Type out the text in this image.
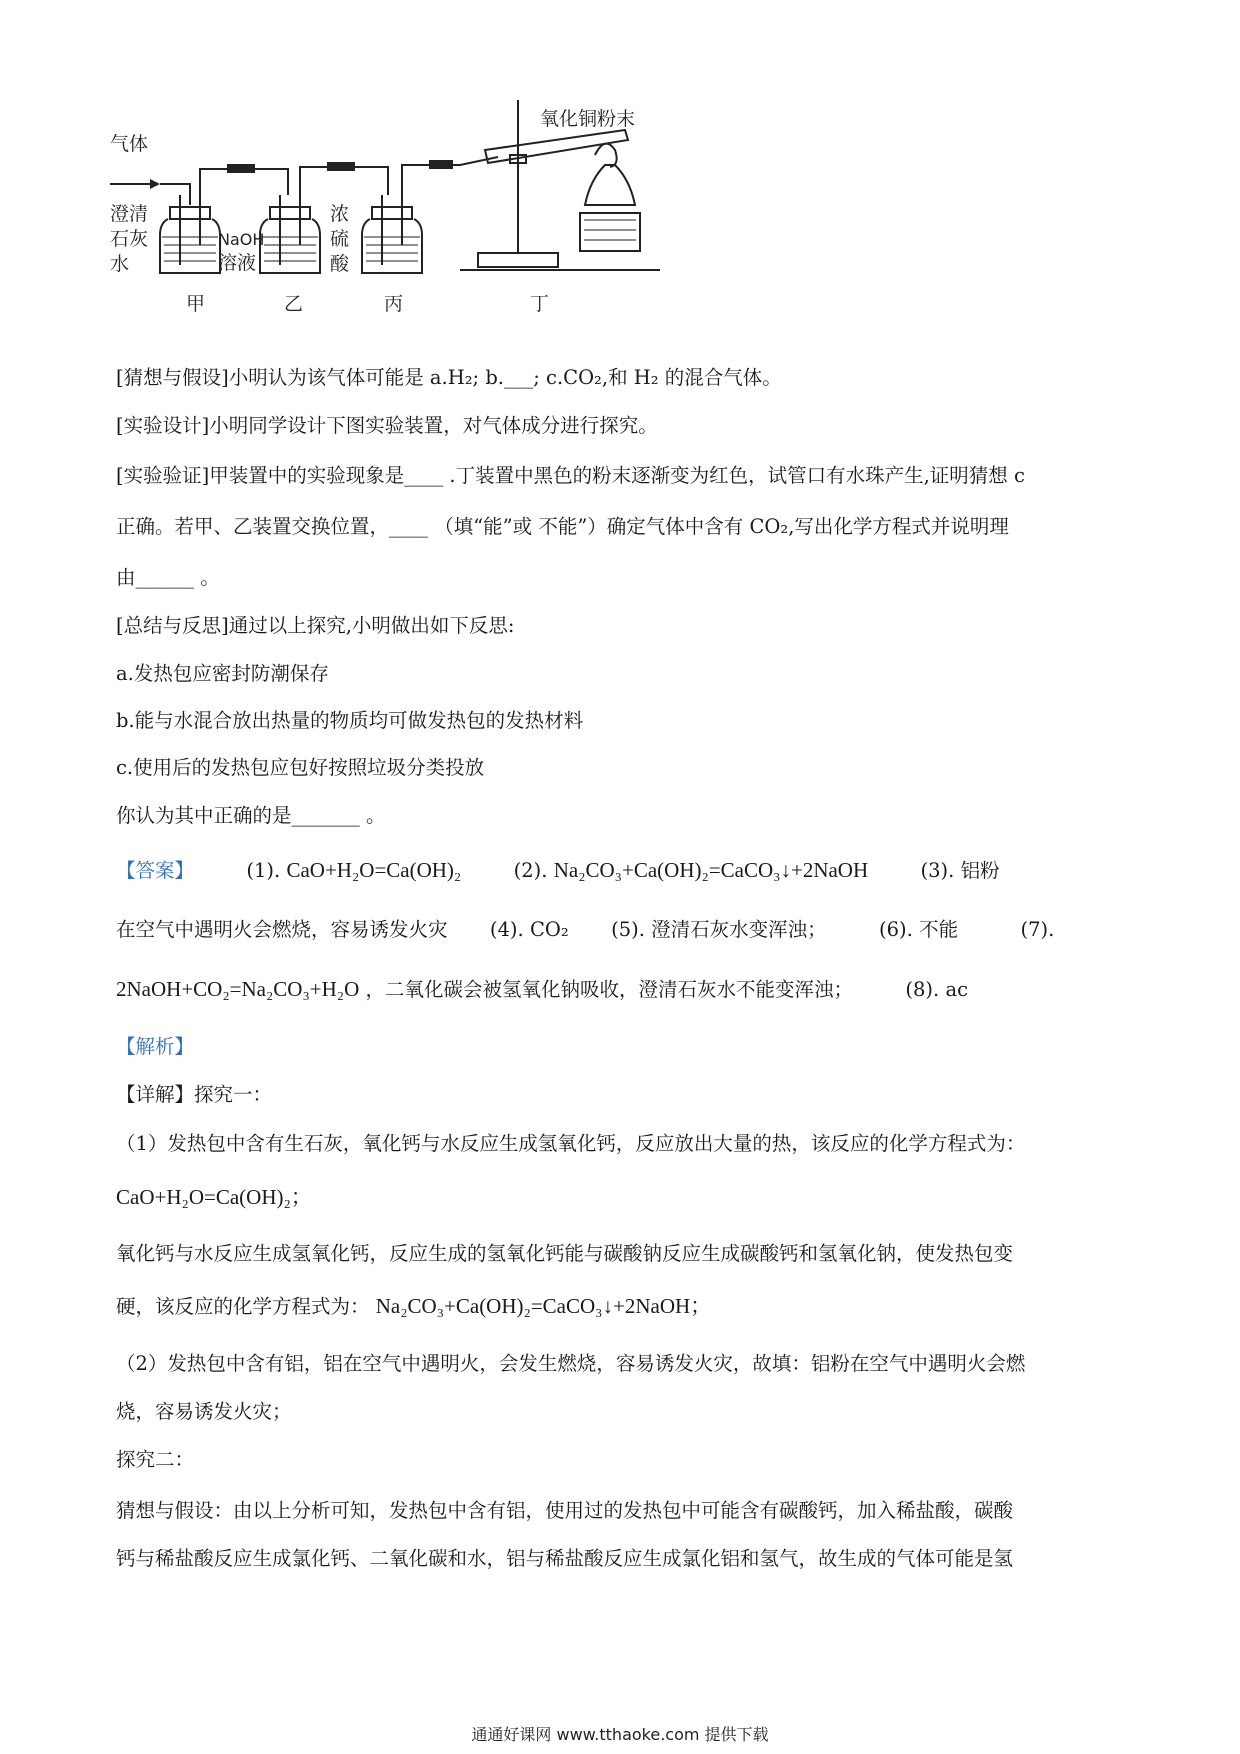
气体
氧化铜粉末
NaOH
溶液
甲	乙	丙	丁
澄清
石灰
水
浓
硫
酸
[猜想与假设]小明认为该气体可能是 a.H₂; b.___; c.CO₂,和 H₂ 的混合气体。
[实验设计]小明同学设计下图实验装置，对气体成分进行探究。
[实验验证]甲装置中的实验现象是____ .丁装置中黑色的粉末逐渐变为红色，试管口有水珠产生,证明猜想 c
正确。若甲、乙装置交换位置，____ （填“能”或 不能”）确定气体中含有 CO₂,写出化学方程式并说明理
由______ 。
[总结与反思]通过以上探究,小明做出如下反思:
a.发热包应密封防潮保存
b.能与水混合放出热量的物质均可做发热包的发热材料
c.使用后的发热包应包好按照垃圾分类投放
你认为其中正确的是_______ 。
【答案】	(1). CaO+H₂O=Ca(OH)₂	(2). Na₂CO₃+Ca(OH)₂=CaCO₃↓+2NaOH	(3). 铝粉
在空气中遇明火会燃烧，容易诱发火灾 (4). CO₂ (5). 澄清石灰水变浑浊；	(6). 不能	(7).
2NaOH+CO₂=Na₂CO₃+H₂O ，二氧化碳会被氢氧化钠吸收，澄清石灰水不能变浑浊；	(8). ac
【解析】
【详解】探究一：
（1）发热包中含有生石灰，氧化钙与水反应生成氢氧化钙，反应放出大量的热，该反应的化学方程式为：
CaO+H₂O=Ca(OH)₂；
氧化钙与水反应生成氢氧化钙，反应生成的氢氧化钙能与碳酸钠反应生成碳酸钙和氢氧化钠，使发热包变
硬，该反应的化学方程式为： Na₂CO₃+Ca(OH)₂=CaCO₃↓+2NaOH；
（2）发热包中含有铝，铝在空气中遇明火，会发生燃烧，容易诱发火灾，故填：铝粉在空气中遇明火会燃
烧，容易诱发火灾；
探究二：
猜想与假设：由以上分析可知，发热包中含有铝，使用过的发热包中可能含有碳酸钙，加入稀盐酸，碳酸
钙与稀盐酸反应生成氯化钙、二氧化碳和水，铝与稀盐酸反应生成氯化铝和氢气，故生成的气体可能是氢
通通好课网 www.tthaoke.com 提供下载
